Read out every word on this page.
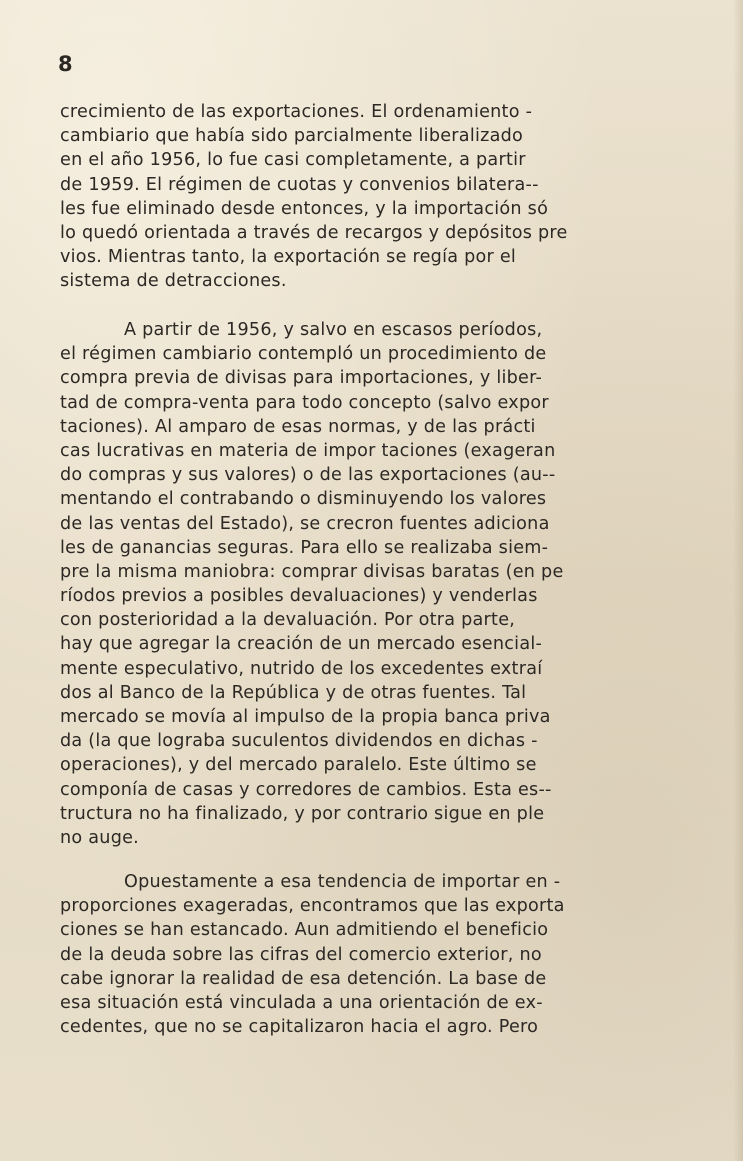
8

crecimiento de las exportaciones. El ordenamiento -
cambiario que había sido parcialmente liberalizado
en el año 1956, lo fue casi completamente, a partir
de 1959. El régimen de cuotas y convenios bilatera--
les fue eliminado desde entonces, y la importación só
lo quedó orientada a través de recargos y depósitos pre
vios. Mientras tanto, la exportación se regía por el
sistema de detracciones.
A partir de 1956, y salvo en escasos períodos,
el régimen cambiario contempló un procedimiento de
compra previa de divisas para importaciones, y liber-
tad de compra-venta para todo concepto (salvo expor
taciones). Al amparo de esas normas, y de las prácti
cas lucrativas en materia de impor taciones (exageran
do compras y sus valores) o de las exportaciones (au--
mentando el contrabando o disminuyendo los valores
de las ventas del Estado), se crecron fuentes adiciona
les de ganancias seguras. Para ello se realizaba siem-
pre la misma maniobra: comprar divisas baratas (en pe
ríodos previos a posibles devaluaciones) y venderlas
con posterioridad a la devaluación. Por otra parte,
hay que agregar la creación de un mercado esencial-
mente especulativo, nutrido de los excedentes extraí
dos al Banco de la República y de otras fuentes. Tal
mercado se movía al impulso de la propia banca priva
da (la que lograba suculentos dividendos en dichas -
operaciones), y del mercado paralelo. Este último se
componía de casas y corredores de cambios. Esta es--
tructura no ha finalizado, y por contrario sigue en ple
no auge.
Opuestamente a esa tendencia de importar en -
proporciones exageradas, encontramos que las exporta
ciones se han estancado. Aun admitiendo el beneficio
de la deuda sobre las cifras del comercio exterior, no
cabe ignorar la realidad de esa detención. La base de
esa situación está vinculada a una orientación de ex-
cedentes, que no se capitalizaron hacia el agro. Pero
